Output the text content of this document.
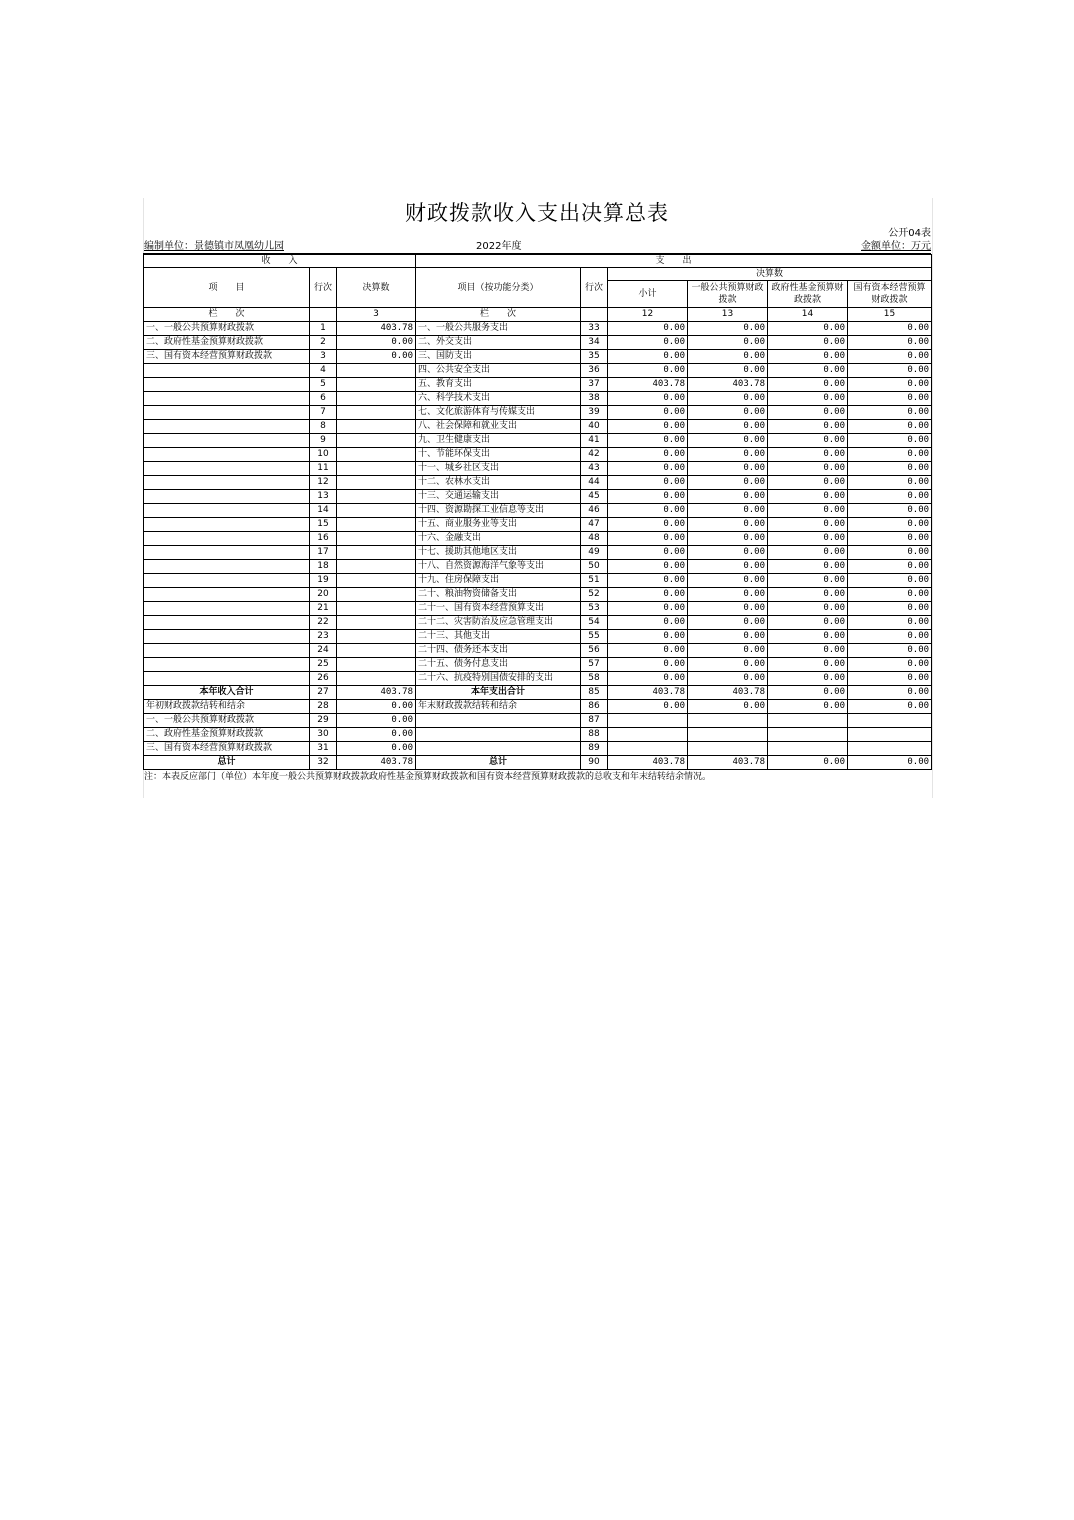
财政拨款收入支出决算总表
公开04表
编制单位：景德镇市凤凰幼儿园	2022年度	金额单位：万元
收　　入			支　　出					
项　　目	行次	决算数	项目（按功能分类）	行次	决算数			
					小计	一般公共预算财政拨款	政府性基金预算财政拨款	国有资本经营预算财政拨款
栏　　次		3	栏　　次		12	13	14	15
一、一般公共预算财政拨款	1	403.78	一、一般公共服务支出	33	0.00	0.00	0.00	0.00
二、政府性基金预算财政拨款	2	0.00	二、外交支出	34	0.00	0.00	0.00	0.00
三、国有资本经营预算财政拨款	3	0.00	三、国防支出	35	0.00	0.00	0.00	0.00
	4		四、公共安全支出	36	0.00	0.00	0.00	0.00
	5		五、教育支出	37	403.78	403.78	0.00	0.00
	6		六、科学技术支出	38	0.00	0.00	0.00	0.00
	7		七、文化旅游体育与传媒支出	39	0.00	0.00	0.00	0.00
	8		八、社会保障和就业支出	40	0.00	0.00	0.00	0.00
	9		九、卫生健康支出	41	0.00	0.00	0.00	0.00
	10		十、节能环保支出	42	0.00	0.00	0.00	0.00
	11		十一、城乡社区支出	43	0.00	0.00	0.00	0.00
	12		十二、农林水支出	44	0.00	0.00	0.00	0.00
	13		十三、交通运输支出	45	0.00	0.00	0.00	0.00
	14		十四、资源勘探工业信息等支出	46	0.00	0.00	0.00	0.00
	15		十五、商业服务业等支出	47	0.00	0.00	0.00	0.00
	16		十六、金融支出	48	0.00	0.00	0.00	0.00
	17		十七、援助其他地区支出	49	0.00	0.00	0.00	0.00
	18		十八、自然资源海洋气象等支出	50	0.00	0.00	0.00	0.00
	19		十九、住房保障支出	51	0.00	0.00	0.00	0.00
	20		二十、粮油物资储备支出	52	0.00	0.00	0.00	0.00
	21		二十一、国有资本经营预算支出	53	0.00	0.00	0.00	0.00
	22		二十二、灾害防治及应急管理支出	54	0.00	0.00	0.00	0.00
	23		二十三、其他支出	55	0.00	0.00	0.00	0.00
	24		二十四、债务还本支出	56	0.00	0.00	0.00	0.00
	25		二十五、债务付息支出	57	0.00	0.00	0.00	0.00
	26		二十六、抗疫特别国债安排的支出	58	0.00	0.00	0.00	0.00
本年收入合计	27	403.78	本年支出合计	85	403.78	403.78	0.00	0.00
年初财政拨款结转和结余	28	0.00	年末财政拨款结转和结余	86	0.00	0.00	0.00	0.00
一、一般公共预算财政拨款	29	0.00		87				
二、政府性基金预算财政拨款	30	0.00		88				
三、国有资本经营预算财政拨款	31	0.00		89				
总计	32	403.78	总计	90	403.78	403.78	0.00	0.00
注：本表反应部门（单位）本年度一般公共预算财政拨款政府性基金预算财政拨款和国有资本经营预算财政拨款的总收支和年末结转结余情况。
